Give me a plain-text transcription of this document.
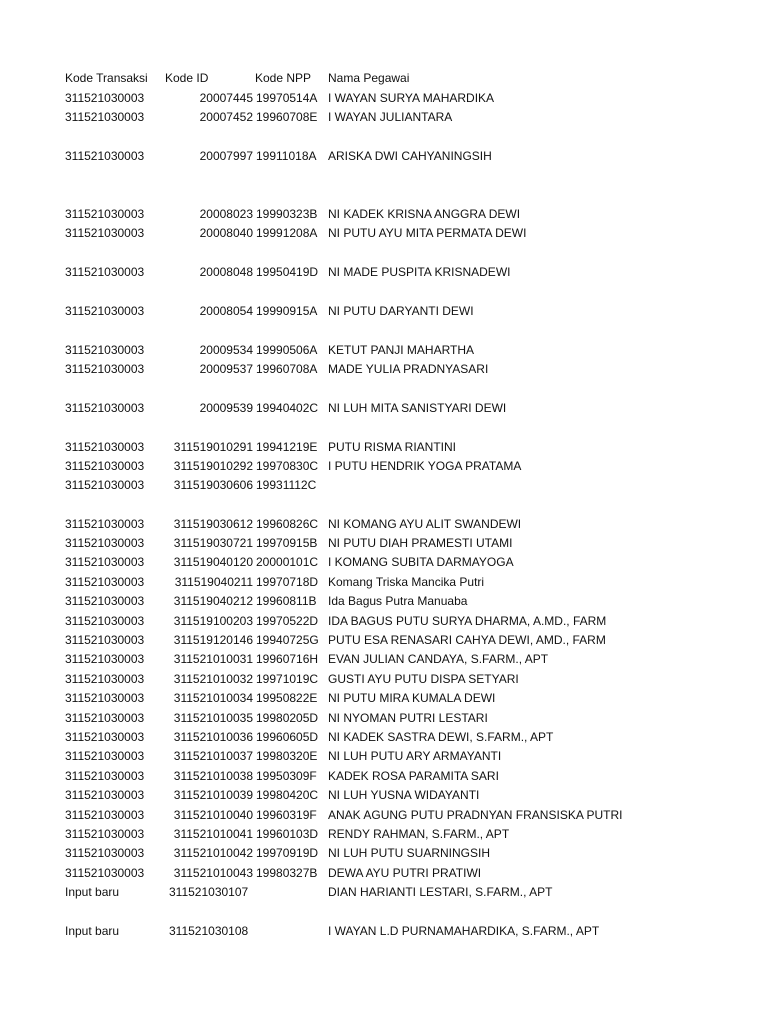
Kode Transaksi	Kode ID	Kode NPP	Nama Pegawai
311521030003	20007445 19970514A I WAYAN SURYA MAHARDIKA
311521030003	20007452 19960708E I WAYAN JULIANTARA
311521030003	20007997 19911018A ARISKA DWI CAHYANINGSIH
311521030003	20008023 19990323B NI KADEK KRISNA ANGGRA DEWI
311521030003	20008040 19991208A NI PUTU AYU MITA PERMATA DEWI
311521030003	20008048 19950419D NI MADE PUSPITA KRISNADEWI
311521030003	20008054 19990915A NI PUTU DARYANTI DEWI
311521030003	20009534 19990506A KETUT PANJI MAHARTHA
311521030003	20009537 19960708A MADE YULIA PRADNYASARI
311521030003	20009539 19940402C NI LUH MITA SANISTYARI DEWI
311521030003	311519010291 19941219E PUTU RISMA RIANTINI
311521030003	311519010292 19970830C I PUTU HENDRIK YOGA PRATAMA
311521030003	311519030606 19931112C
311521030003	311519030612 19960826C NI KOMANG AYU ALIT SWANDEWI
311521030003	311519030721 19970915B NI PUTU DIAH PRAMESTI UTAMI
311521030003	311519040120 20000101C I KOMANG SUBITA DARMAYOGA
311521030003	311519040211 19970718D Komang Triska Mancika Putri
311521030003	311519040212 19960811B Ida Bagus Putra Manuaba
311521030003	311519100203 19970522D IDA BAGUS PUTU SURYA DHARMA, A.MD., FARM
311521030003	311519120146 19940725G PUTU ESA RENASARI CAHYA DEWI, AMD., FARM
311521030003	311521010031 19960716H EVAN JULIAN CANDAYA, S.FARM., APT
311521030003	311521010032 19971019C GUSTI AYU PUTU DISPA SETYARI
311521030003	311521010034 19950822E NI PUTU MIRA KUMALA DEWI
311521030003	311521010035 19980205D NI NYOMAN PUTRI LESTARI
311521030003	311521010036 19960605D NI KADEK SASTRA DEWI, S.FARM., APT
311521030003	311521010037 19980320E NI LUH PUTU ARY ARMAYANTI
311521030003	311521010038 19950309F KADEK ROSA PARAMITA SARI
311521030003	311521010039 19980420C NI LUH YUSNA WIDAYANTI
311521030003	311521010040 19960319F ANAK AGUNG PUTU PRADNYAN FRANSISKA PUTRI
311521030003	311521010041 19960103D RENDY RAHMAN, S.FARM., APT
311521030003	311521010042 19970919D NI LUH PUTU SUARNINGSIH
311521030003	311521010043 19980327B DEWA AYU PUTRI PRATIWI
Input baru	311521030107	DIAN HARIANTI LESTARI, S.FARM., APT
Input baru	311521030108	I WAYAN L.D PURNAMAHARDIKA, S.FARM., APT
